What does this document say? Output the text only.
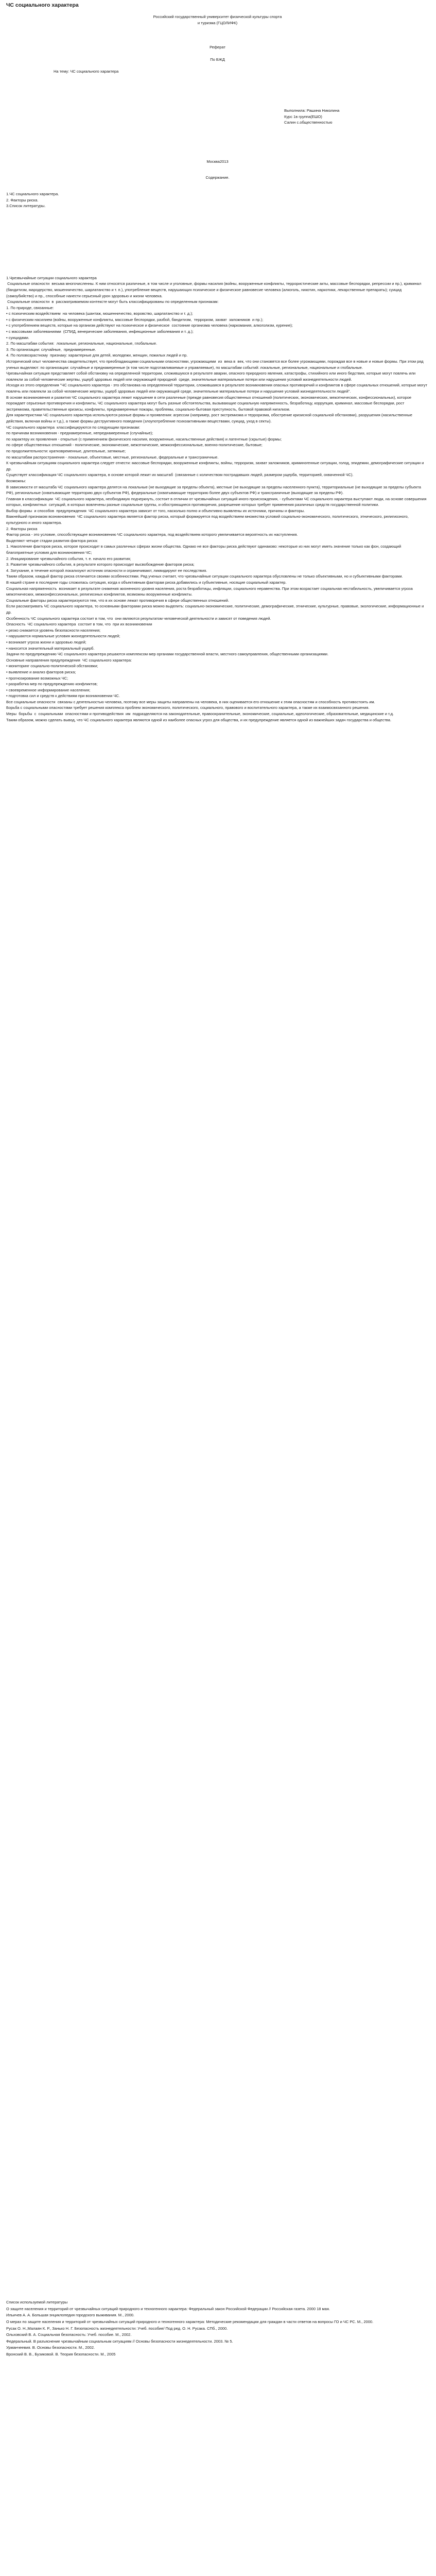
ЧС социального характера

Российский государственный университет физической культуры спорта

и туризма (ГЦОЛИФК)

Реферат

По БЖД

На тему: ЧС социального характера

Выполнила: Рашина Николина

Курс 1в группа(ЕШО)

Салин с.общественностью

Москва2013

Содержание.

1.ЧС социального характера.

2. Факторы риска.

3.Список литературы.

1.Чрезвычайные ситуации социального характера

Социальные опасности  весьма многочисленны. К ним относятся различные, в том числе и уголовные, формы насилия (войны, вооруженные конфликты, террористические акты, массовые беспорядки, репрессии и пр.), криминал (бандитизм, мародерство, мошенничество, шарлатанство и т. п.), употребление веществ, нарушающих психическое и физическое равновесие человека (алкоголь, никотин, наркотики, лекарственные препараты); суицид (самоубийство) и пр., способные нанести серьезный урон здоровью и жизни человека.

Социальные опасности  в  рассматриваемом контексте могут быть классифицированы по определенным признакам:

1. По природе, связанные:

• с психическим воздействием  на человека (шантаж, мошенничество, воровство, шарлатанство и т. д.);

• с физическим насилием (войны, вооруженные конфликты, массовые беспорядки, разбой, бандитизм,  терроризм, захват  заложников  и пр.);

• с употреблением веществ, которые на организм действуют на психическое и физическое  состояние организма человека (наркомания, алкоголизм, курение);

• с массовыми заболеваниями  (СПИД, венерические заболевания, инфекционные заболевания и т. д.);

• суицидами.

2. По масштабам события:  локальные, региональные, национальные, глобальные.

3. По организации: случайные,  преднамеренные.

4. По половозрастному  признаку: характерные для детей, молодежи, женщин, пожилых людей и пр.

Исторический опыт человечества свидетельствует, что преобладающими социальными опасностями, угрожающими  из  века в  век, что они становятся все более угрожающими, порождая все в новые и новые формы. При этом ряд ученых выделяют: по организации: случайные и преднамеренные (в том числе подготавливаемые и управляемые), по масштабам событий: локальные, региональные, национальные и глобальные.

Чрезвычайная ситуация представляет собой обстановку на определенной территории, сложившуюся в результате аварии, опасного природного явления, катастрофы, стихийного или иного бедствия, которые могут повлечь или повлекли за собой человеческие жертвы, ущерб здоровью людей или окружающей природной  среде, значительные материальные потери или нарушения условий жизнедеятельности людей.

Исходя из этого определения "ЧС социального характера - это обстановка на определенной территории, сложившаяся в результате возникновения опасных противоречий и конфликтов в сфере социальных отношений, которые могут повлечь или повлекли за собой человеческие жертвы, ущерб здоровью людей или окружающей среде, значительные материальные потери и нарушение условий жизнедеятельности людей".

В основе возникновения и развития ЧС социального характера лежит нарушение в сети различные (прежде равновесия общественных отношений (политических, экономических, межэтнических, конфессиональных), которое порождает серьезные противоречия и конфликты, ЧС социального характера могут быть разные обстоятельства, вызывающие социальную напряженность, безработицу, коррупция, криминал, массовые беспорядки, рост экстремизма, правительственные кризисы, конфликты, преднамеренные пожары, проблемы, социально-бытовая преступность, бытовой правовой нигилизм.

Для характеристики ЧС социального характера используются разные формы и проявления: агрессии (например, рост экстремизма и терроризма, обострение кризисной социальной обстановки), разрушения (насильственные действия, включая войны и т.д.), а также формы деструктивного поведения (злоупотребление психоактивными веществами, суицид, уход в секты).

ЧС социального характера  классифицируются по следующим признакам:

по причинам возникновения - преднамеренные, непреднамеренные (случайные);

по характеру их проявления - открытые (с применением физического насилия, вооруженные, насильственные действия) и латентные (скрытые) формы;

по сфере общественных отношений - политические, экономические, межэтнические, межконфессиональные, военно-политические, бытовые;

по продолжительности: кратковременные, длительные, затяжные;

по масштабам распространения - локальные, объектовые, местные, региональные, федеральные и трансграничные.

К чрезвычайным ситуациям социального характера следует отнести: массовые беспорядки, вооруженные конфликты, войны, терроризм, захват заложников, криминогенные ситуации, голод, эпидемии, демографические ситуации и др.

Существует классификация ЧС социального характера, в основе которой лежит их масштаб  (связанные с количеством пострадавших людей, размером ущерба, территорией, охваченной ЧС).

Возможны:

В зависимости от масштаба ЧС социального характера делятся на локальные (не выходящие за пределы объекта), местные (не выходящие за пределы населенного пункта), территориальные (не выходящие за пределы субъекта РФ), региональные (охватывающие территорию двух субъектов РФ), федеральные (охватывающие территорию более двух субъектов РФ) и трансграничные (выходящие за пределы РФ).

Главная в классификации  ЧС социального характера, необходимую подчеркнуть, состоит в отличии от чрезвычайных ситуаций иного происхождения, - субъектами ЧС социального характера выступают люди, на основе совершения которых, конфликтных  ситуаций, в которых вовлечены разные социальные группы, и обостряющиеся противоречия, разрешение которых требует применения различных средств государственной политики.

Выбор формы  и способов  предупреждения  ЧС социального характера зависит от того, насколько полно и объективно выявлены их источники, причины и факторы.

Важнейший признаком возникновения  ЧС социального характера является фактор риска, который формируется под воздействием множества условий социально-экономического, политического, этнического, религиозного, культурного и иного характера.

2. Факторы риска

Фактор риска - это условие, способствующее возникновению ЧС социального характера, под воздействием которого увеличивается вероятность их наступления.

Выделяют четыре стадии развития фактора риска:

1. Накопление факторов риска, которое происходит в самых различных сферах жизни общества. Однако не все факторы риска действуют одинаково: некоторые из них могут иметь значение только как фон, создающий благоприятные условия для возникновения ЧС;

2. Инициирование чрезвычайного события, т. е. начало его развития;

3. Развитие чрезвычайного события, в результате которого происходит высвобождение факторов риска;

4. Затухание, в течение которой локализуют источник опасности и ограничивают, ликвидируют ее последствия.

Таким образом, каждый фактор риска отличается своими особенностями. Ряд ученых считает, что чрезвычайные ситуации социального характера обусловлены не только объективными, но и субъективными факторами.

В нашей стране в последние годы сложилась ситуация, когда к объективным факторам риска добавились и субъективные, носящие социальный характер.

Социальная напряженность  возникает в результате снижения жизненного уровня населения, роста безработицы, инфляции, социального неравенства. При этом возрастает социальная нестабильность, увеличивается угроза межэтнических, межконфессиональных, религиозных конфликтов, возможны вооруженные конфликты.

Социальные факторы риска характеризуются тем, что в их основе лежат противоречия в сфере общественных отношений.

Если рассматривать ЧС социального характера, то основными факторами риска можно выделить: социально-экономические, политические, демографические, этнические, культурные, правовые, экологические, информационные и др.

Особенность ЧС социального характера состоит в том, что  они являются результатом человеческой деятельности и зависят от поведения людей.

Опасность  ЧС социального характера  состоит в том, что  при их возникновении

• резко снижается уровень безопасности населения;

• нарушаются нормальные условия жизнедеятельности людей;

• возникает угроза жизни и здоровью людей;

• наносится значительный материальный ущерб.

Задачи по предупреждению ЧС социального характера решаются комплексом мер органами государственной власти, местного самоуправления, общественными организациями.

Основные направления предупреждения  ЧС социального характера:

• мониторинг социально-политической обстановки;

• выявление и анализ факторов риска;

• прогнозирование возможных ЧС;

• разработка мер по предупреждению конфликтов;

• своевременное информирование населения;

• подготовка сил и средств к действиям при возникновении ЧС.

Все социальные опасности  связаны с деятельностью человека, поэтому все меры защиты направлены на человека, в них оценивается его отношение к этим опасностям и способность противостоять им.

Борьба с социальными опасностями требует решения комплекса проблем экономического, политического, социального, правового и воспитательного характера, а также их взаимосвязанного решения.

Меры  борьбы  с  социальными  опасностями и противодействия  им  подразделяются на законодательные, правоохранительные, экономические, социальные, идеологические, образовательные, медицинские и т.д.

Таким образом, можно сделать вывод, что ЧС социального характера являются одной из наиболее опасных угроз для общества, и их предупреждение является одной из важнейших задач государства и общества.

Список используемой литературы

О защите населения и территорий от чрезвычайных ситуаций природного и техногенного характера: Федеральный закон Российской Федерации // Российская газета. 2000 18 мая.

Ильичев А. А. Большая энциклопедия городского выживания. М., 2000.

О мерах по защите населения и территорий от чрезвычайных ситуаций природного и техногенного характера: Методические рекомендации для граждан в части ответов на вопросы ГО и ЧС РС. М., 2000.

Русак О. Н.,Малаян К. Р., Занько Н. Г. Безопасность жизнедеятельности: Учеб. пособие/ Под ред. О. Н. Русака. СПб., 2000.

Ольховский В. А. Социальная безопасность: Учеб. пособие. М., 2002.

Федеральный. В разъяснение чрезвычайным социальным ситуациям // Основы безопасности жизнедеятельности. 2003. № 5.

Урманчеевия. В. Основы безопасности. М., 2002.

Вронский В. В., Бузиковой. В. Теория безопасности. М., 2005
